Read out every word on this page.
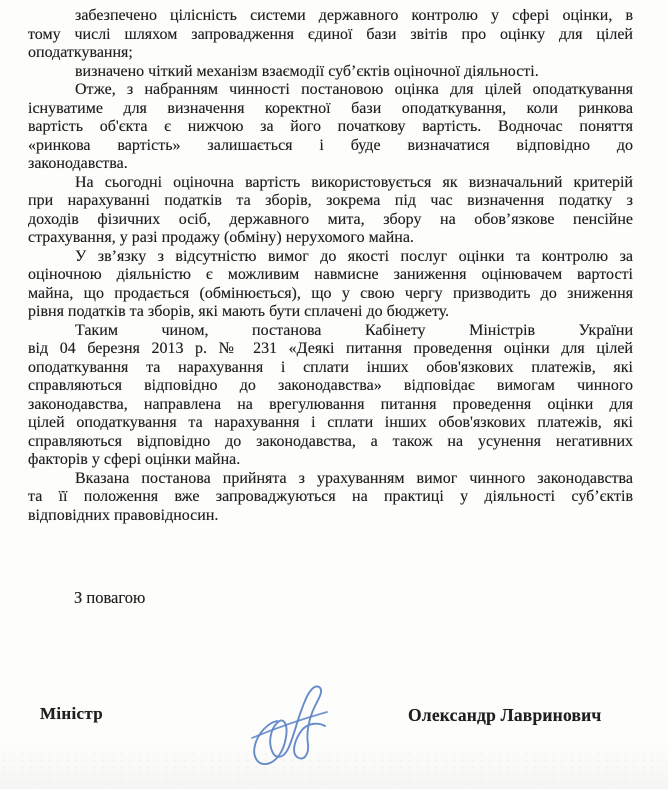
забезпечено цілісність системи державного контролю у сфері оцінки, в
тому числі шляхом запровадження єдиної бази звітів про оцінку для цілей
оподаткування;
визначено чіткий механізм взаємодії суб’єктів оціночної діяльності.
Отже, з набранням чинності постановою оцінка для цілей оподаткування
існуватиме для визначення коректної бази оподаткування, коли ринкова
вартість об'єкта є нижчою за його початкову вартість. Водночас поняття
«ринкова вартість» залишається і буде визначатися відповідно до
законодавства.
На сьогодні оціночна вартість використовується як визначальний критерій
при нарахуванні податків та зборів, зокрема під час визначення податку з
доходів фізичних осіб, державного мита, збору на обов’язкове пенсійне
страхування, у разі продажу (обміну) нерухомого майна.
У зв’язку з відсутністю вимог до якості послуг оцінки та контролю за
оціночною діяльністю є можливим навмисне заниження оцінювачем вартості
майна, що продається (обмінюється), що у свою чергу призводить до зниження
рівня податків та зборів, які мають бути сплачені до бюджету.
Таким чином, постанова Кабінету Міністрів України
від 04 березня 2013 р. № 231 «Деякі питання проведення оцінки для цілей
оподаткування та нарахування і сплати інших обов'язкових платежів, які
справляються відповідно до законодавства» відповідає вимогам чинного
законодавства, направлена на врегулювання питання проведення оцінки для
цілей оподаткування та нарахування і сплати інших обов'язкових платежів, які
справляються відповідно до законодавства, а також на усунення негативних
факторів у сфері оцінки майна.
Вказана постанова прийнята з урахуванням вимог чинного законодавства
та її положення вже запроваджуються на практиці у діяльності суб’єктів
відповідних правовідносин.
З повагою
Міністр	Олександр Лавринович
